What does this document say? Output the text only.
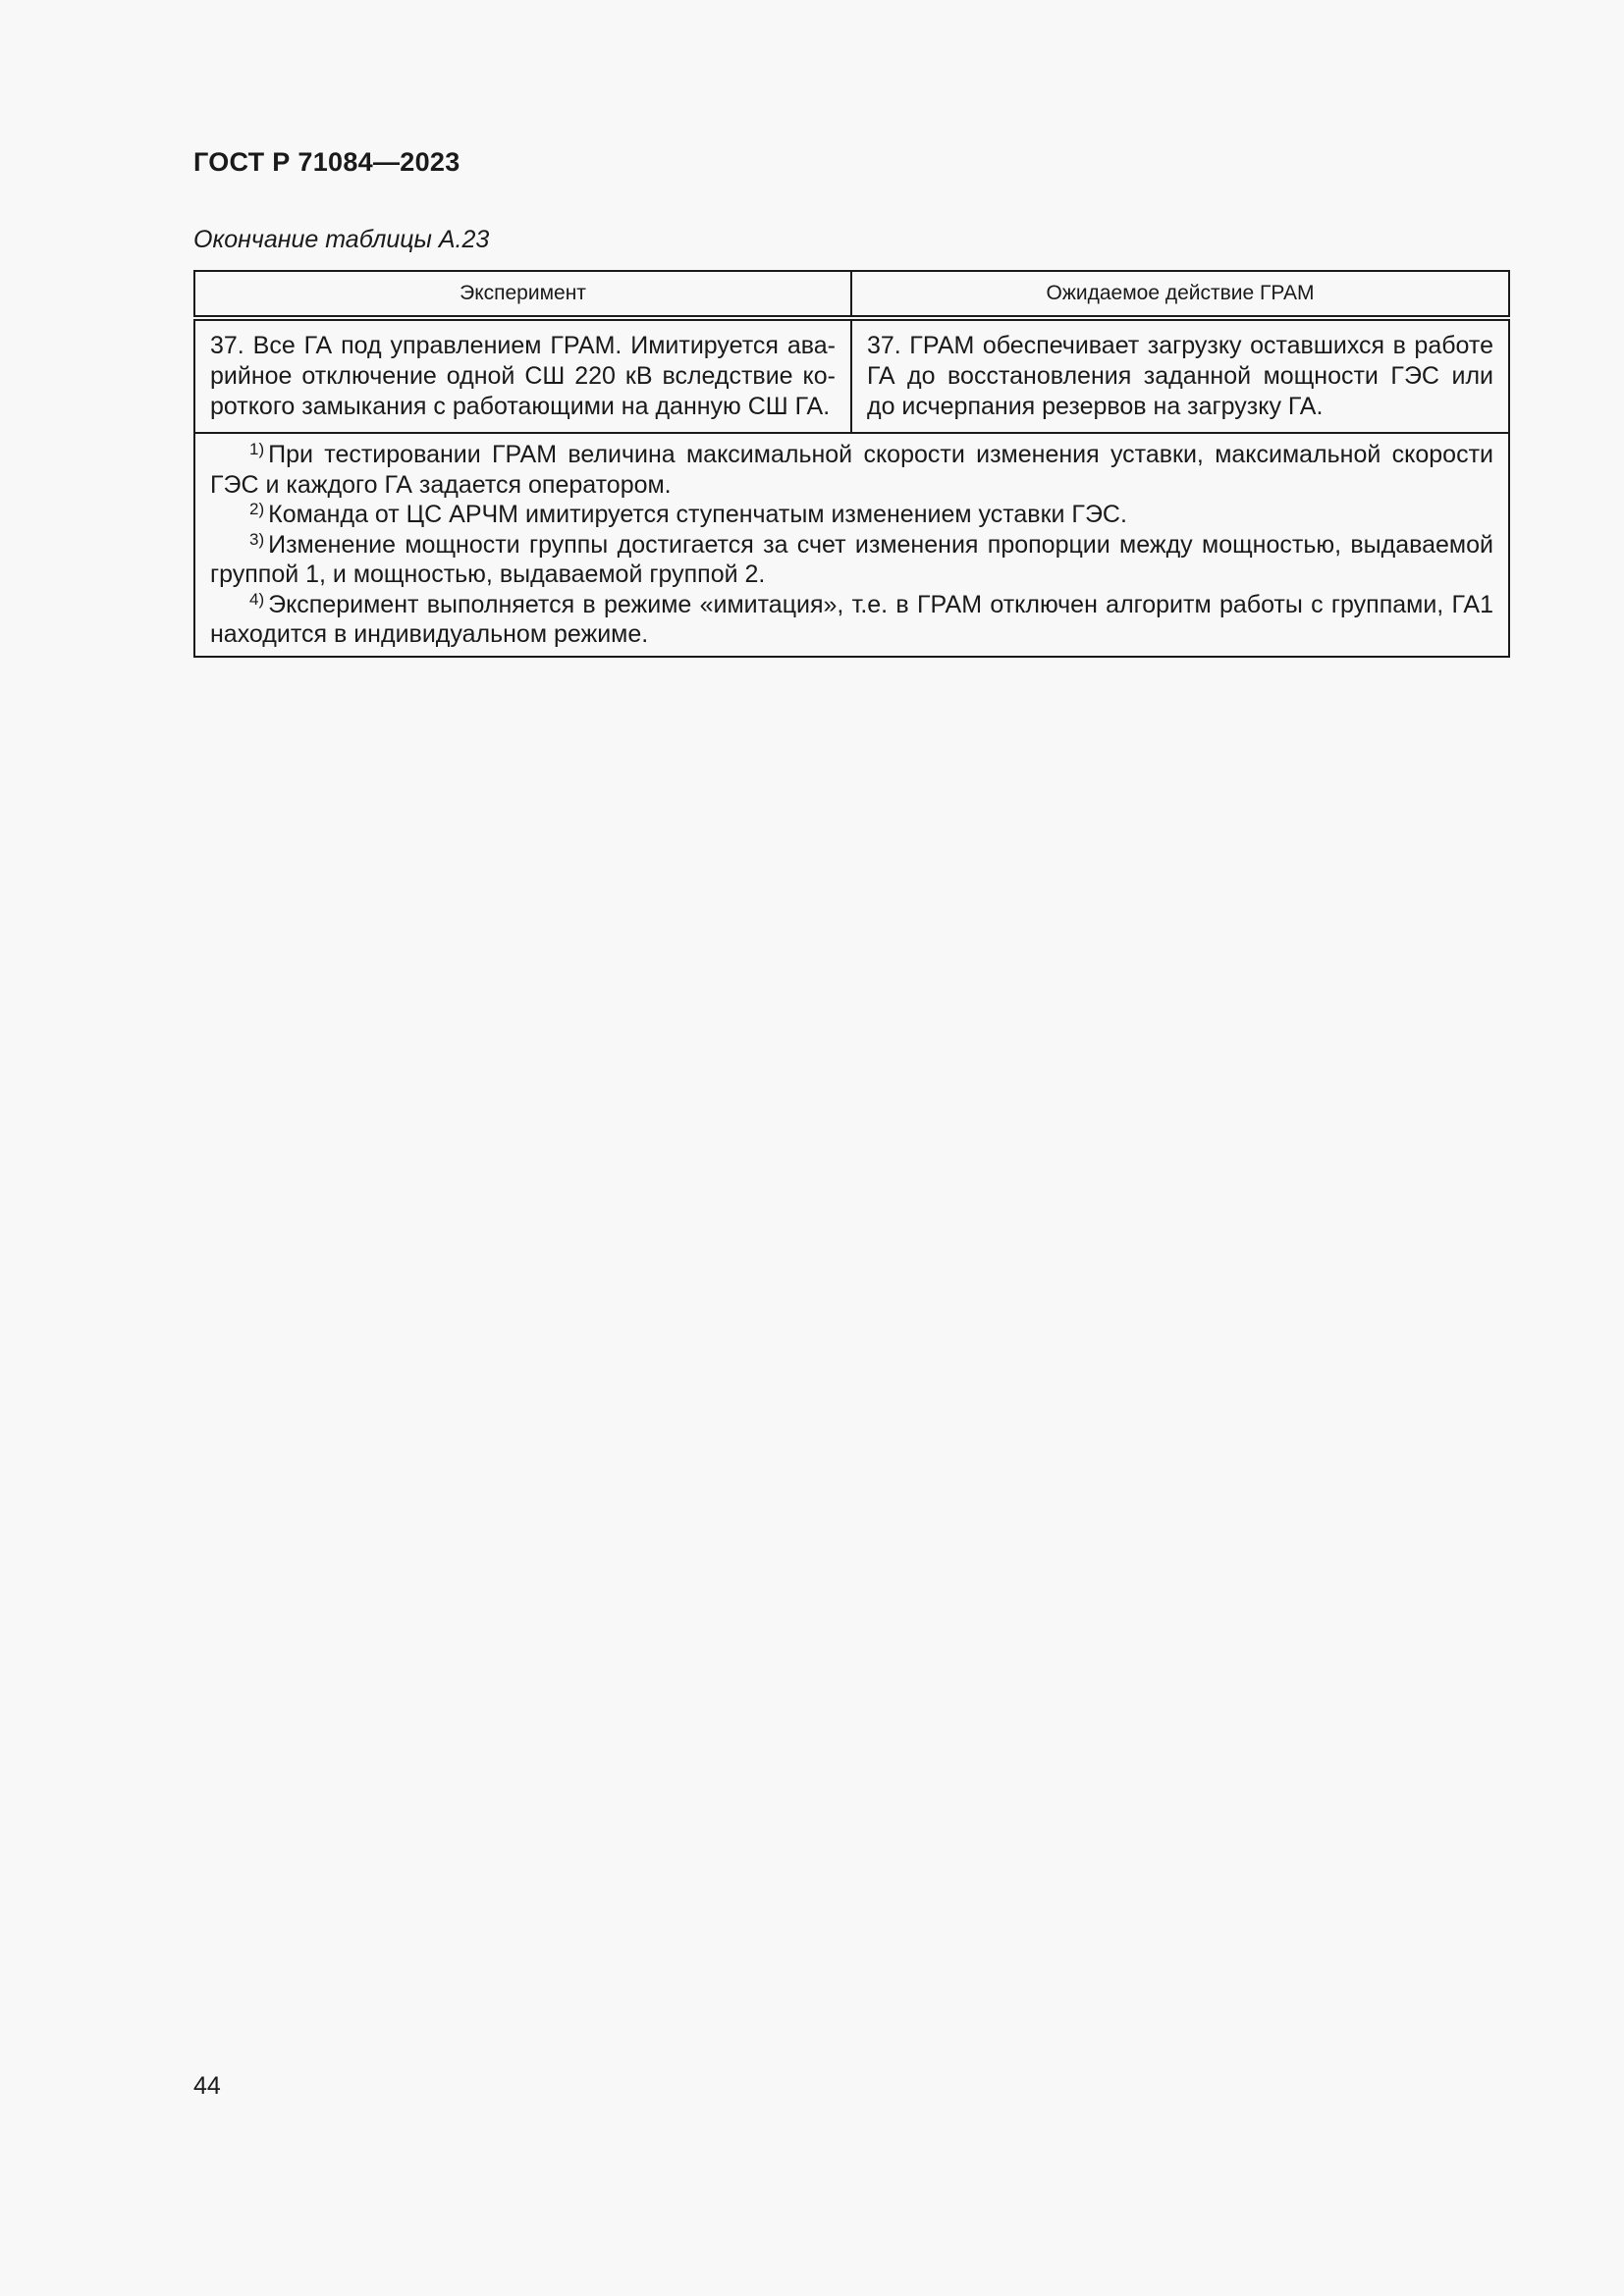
ГОСТ Р 71084—2023
Окончание таблицы А.23
Эксперимент	Ожидаемое действие ГРАМ
37. Все ГА под управлением ГРАМ. Имитируется аварийное отключение одной СШ 220 кВ вследствие короткого замыкания с работающими на данную СШ ГА.	37. ГРАМ обеспечивает загрузку оставшихся в работе ГА до восстановления заданной мощности ГЭС или до исчерпания резервов на загрузку ГА.

$^{1)}$ При тестировании ГРАМ величина максимальной скорости изменения уставки, максимальной скорости ГЭС и каждого ГА задается оператором.

$^{2)}$ Команда от ЦС АРЧМ имитируется ступенчатым изменением уставки ГЭС.

$^{3)}$ Изменение мощности группы достигается за счет изменения пропорции между мощностью, выдаваемой группой 1, и мощностью, выдаваемой группой 2.

$^{4)}$ Эксперимент выполняется в режиме «имитация», т.е. в ГРАМ отключен алгоритм работы с группами, ГА1 находится в индивидуальном режиме.	

44
